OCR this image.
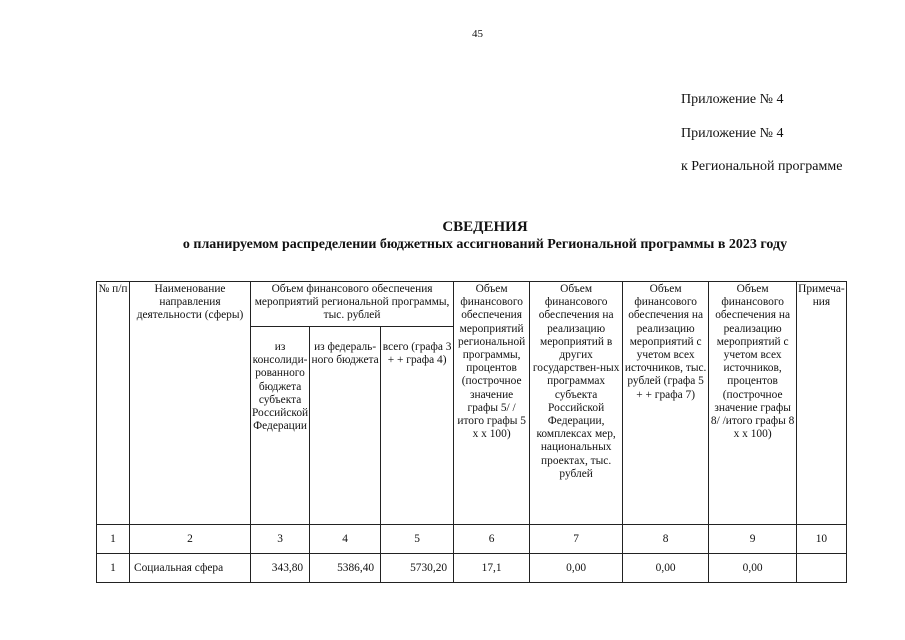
45
Приложение № 4
Приложение № 4
к Региональной программе
СВЕДЕНИЯ
о планируемом распределении бюджетных ассигнований Региональной программы в 2023 году
№ п/п	Наименование направления деятельности (сферы)	Объем финансового обеспечения мероприятий региональной программы, тыс. рублей			Объем финансового обеспечения мероприятий региональной программы, процентов (построчное значение графы 5/ /итого графы 5 х х 100)	Объем финансового обеспечения на реализацию мероприятий в других государствен-ных программах субъекта Российской Федерации, комплексах мер, национальных проектах, тыс. рублей	Объем финансового обеспечения на реализацию мероприятий с учетом всех источников, тыс. рублей (графа 5 + + графа 7)	Объем финансового обеспечения на реализацию мероприятий с учетом всех источников, процентов (построчное значение графы 8/ /итого графы 8 х х 100)	Примеча-ния
		из консолиди-рованного бюджета субъекта Российской Федерации	из федераль-ного бюджета	всего (графа 3 + + графа 4)					
1	2	3	4	5	6	7	8	9	10
1	Социальная сфера	343,80	5386,40	5730,20	17,1	0,00	0,00	0,00	
